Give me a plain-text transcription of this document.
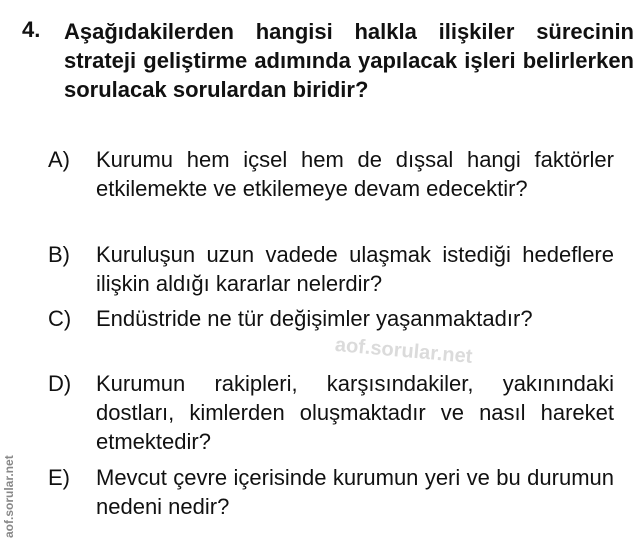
4. Aşağıdakilerden hangisi halkla ilişkiler sürecinin strateji geliştirme adımında yapılacak işleri belirlerken sorulacak sorulardan biridir?
A)	Kurumu hem içsel hem de dışsal hangi faktörler etkilemekte ve etkilemeye devam edecektir?
B)	Kuruluşun uzun vadede ulaşmak istediği hedeflere ilişkin aldığı kararlar nelerdir?
C)	Endüstride ne tür değişimler yaşanmaktadır?
D)	Kurumun rakipleri, karşısındakiler, yakınındaki dostları, kimlerden oluşmaktadır ve nasıl hareket etmektedir?
E)	Mevcut çevre içerisinde kurumun yeri ve bu durumun nedeni nedir?
aof.sorular.net
aof.sorular.net
